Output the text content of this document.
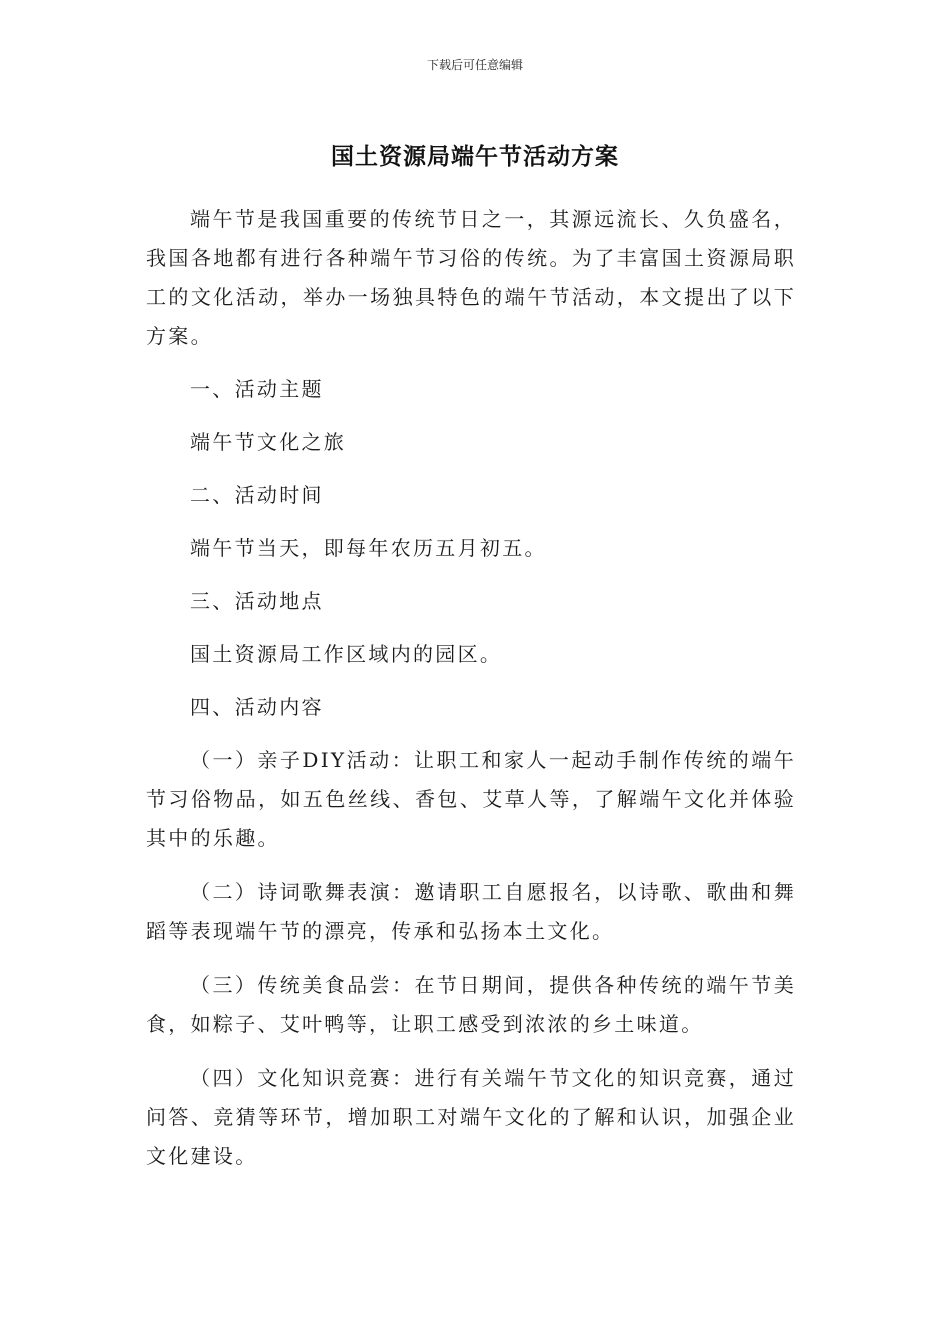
下载后可任意编辑
国土资源局端午节活动方案

端午节是我国重要的传统节日之一，其源远流长、久负盛名，我国各地都有进行各种端午节习俗的传统。为了丰富国土资源局职工的文化活动，举办一场独具特色的端午节活动，本文提出了以下方案。

一、活动主题

端午节文化之旅

二、活动时间

端午节当天，即每年农历五月初五。

三、活动地点

国土资源局工作区域内的园区。

四、活动内容

（一）亲子DIY活动：让职工和家人一起动手制作传统的端午节习俗物品，如五色丝线、香包、艾草人等，了解端午文化并体验其中的乐趣。

（二）诗词歌舞表演：邀请职工自愿报名，以诗歌、歌曲和舞蹈等表现端午节的漂亮，传承和弘扬本土文化。

（三）传统美食品尝：在节日期间，提供各种传统的端午节美食，如粽子、艾叶鸭等，让职工感受到浓浓的乡土味道。

（四）文化知识竞赛：进行有关端午节文化的知识竞赛，通过问答、竞猜等环节，增加职工对端午文化的了解和认识，加强企业文化建设。
